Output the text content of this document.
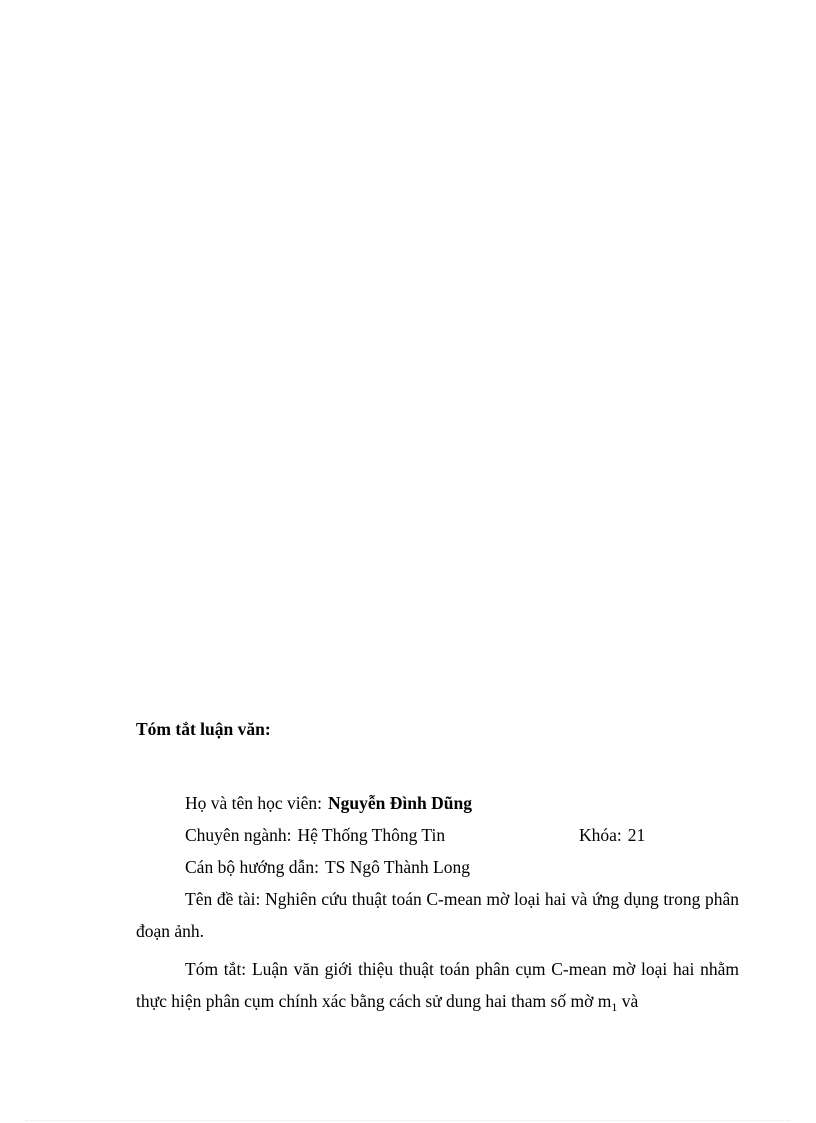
Tóm tắt luận văn:

Họ và tên học viên: Nguyễn Đình Dũng

Chuyên ngành: Hệ Thống Thông Tin	Khóa: 21

Cán bộ hướng dẫn: TS Ngô Thành Long

Tên đề tài: Nghiên cứu thuật toán C-mean mờ loại hai và ứng dụng trong phân đoạn ảnh.

Tóm tắt: Luận văn giới thiệu thuật toán phân cụm C-mean mờ loại hai nhằm thực hiện phân cụm chính xác bằng cách sử dung hai tham số mờ $m_1$ và
